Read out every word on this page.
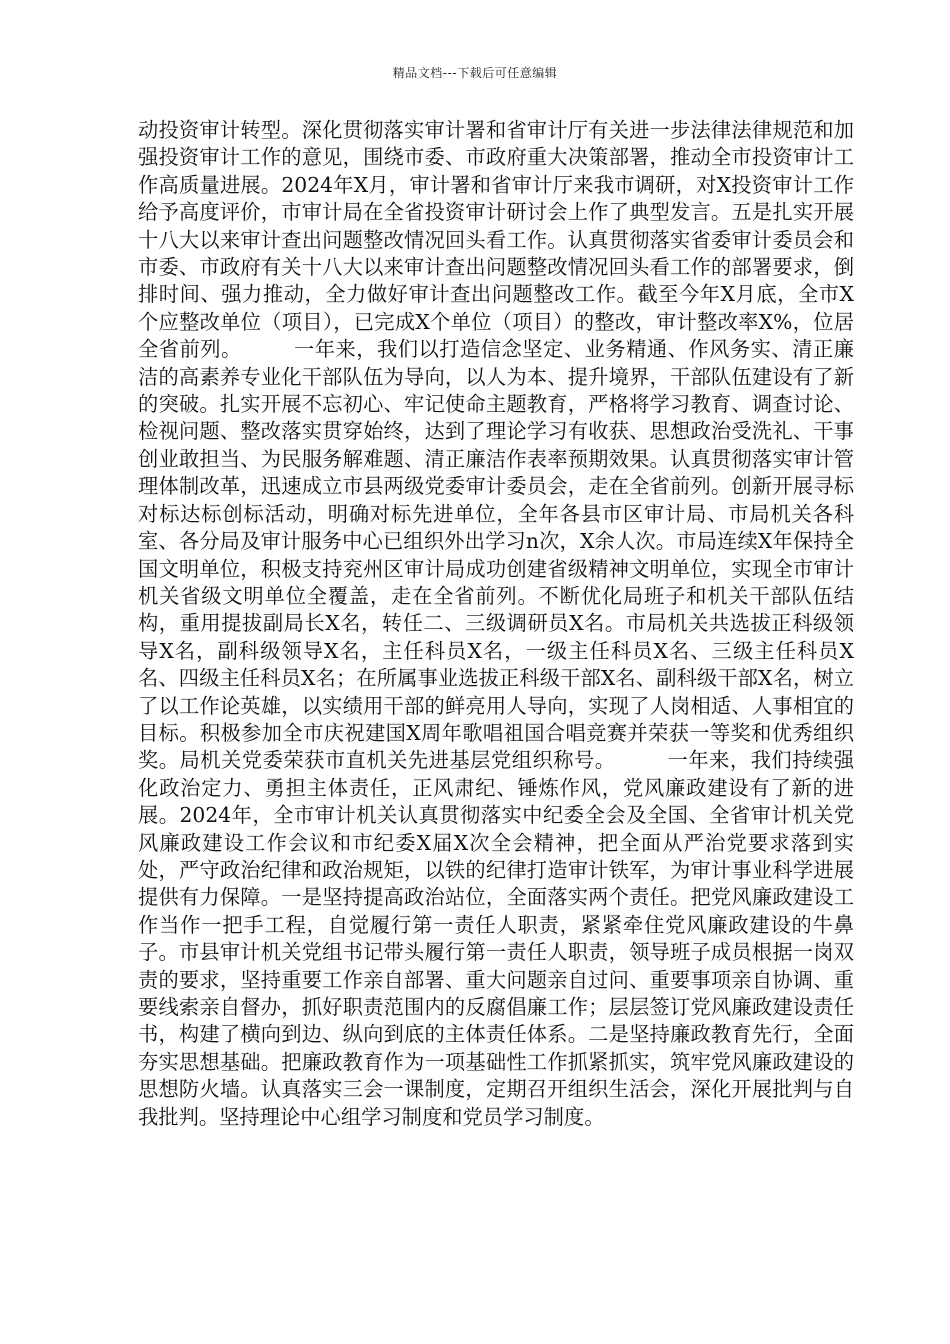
精品文档---下载后可任意编辑

动投资审计转型。深化贯彻落实审计署和省审计厅有关进一步法律法律规范和加强投资审计工作的意见，围绕市委、市政府重大决策部署，推动全市投资审计工作高质量进展。2024年X月，审计署和省审计厅来我市调研，对X投资审计工作给予高度评价，市审计局在全省投资审计研讨会上作了典型发言。五是扎实开展十八大以来审计查出问题整改情况回头看工作。认真贯彻落实省委审计委员会和市委、市政府有关十八大以来审计查出问题整改情况回头看工作的部署要求，倒排时间、强力推动，全力做好审计查出问题整改工作。截至今年X月底，全市X个应整改单位（项目），已完成X个单位（项目）的整改，审计整改率X%，位居全省前列。　　　一年来，我们以打造信念坚定、业务精通、作风务实、清正廉洁的高素养专业化干部队伍为导向，以人为本、提升境界，干部队伍建设有了新的突破。扎实开展不忘初心、牢记使命主题教育，严格将学习教育、调查讨论、检视问题、整改落实贯穿始终，达到了理论学习有收获、思想政治受洗礼、干事创业敢担当、为民服务解难题、清正廉洁作表率预期效果。认真贯彻落实审计管理体制改革，迅速成立市县两级党委审计委员会，走在全省前列。创新开展寻标对标达标创标活动，明确对标先进单位，全年各县市区审计局、市局机关各科室、各分局及审计服务中心已组织外出学习n次，X余人次。市局连续X年保持全国文明单位，积极支持兖州区审计局成功创建省级精神文明单位，实现全市审计机关省级文明单位全覆盖，走在全省前列。不断优化局班子和机关干部队伍结构，重用提拔副局长X名，转任二、三级调研员X名。市局机关共选拔正科级领导X名，副科级领导X名，主任科员X名，一级主任科员X名、三级主任科员X名、四级主任科员X名；在所属事业选拔正科级干部X名、副科级干部X名，树立了以工作论英雄，以实绩用干部的鲜亮用人导向，实现了人岗相适、人事相宜的目标。积极参加全市庆祝建国X周年歌唱祖国合唱竞赛并荣获一等奖和优秀组织奖。局机关党委荣获市直机关先进基层党组织称号。　　　一年来，我们持续强化政治定力、勇担主体责任，正风肃纪、锤炼作风，党风廉政建设有了新的进展。2024年，全市审计机关认真贯彻落实中纪委全会及全国、全省审计机关党风廉政建设工作会议和市纪委X届X次全会精神，把全面从严治党要求落到实处，严守政治纪律和政治规矩，以铁的纪律打造审计铁军，为审计事业科学进展提供有力保障。一是坚持提高政治站位，全面落实两个责任。把党风廉政建设工作当作一把手工程，自觉履行第一责任人职责，紧紧牵住党风廉政建设的牛鼻子。市县审计机关党组书记带头履行第一责任人职责，领导班子成员根据一岗双责的要求，坚持重要工作亲自部署、重大问题亲自过问、重要事项亲自协调、重要线索亲自督办，抓好职责范围内的反腐倡廉工作；层层签订党风廉政建设责任书，构建了横向到边、纵向到底的主体责任体系。二是坚持廉政教育先行，全面夯实思想基础。把廉政教育作为一项基础性工作抓紧抓实，筑牢党风廉政建设的思想防火墙。认真落实三会一课制度，定期召开组织生活会，深化开展批判与自我批判。坚持理论中心组学习制度和党员学习制度。
